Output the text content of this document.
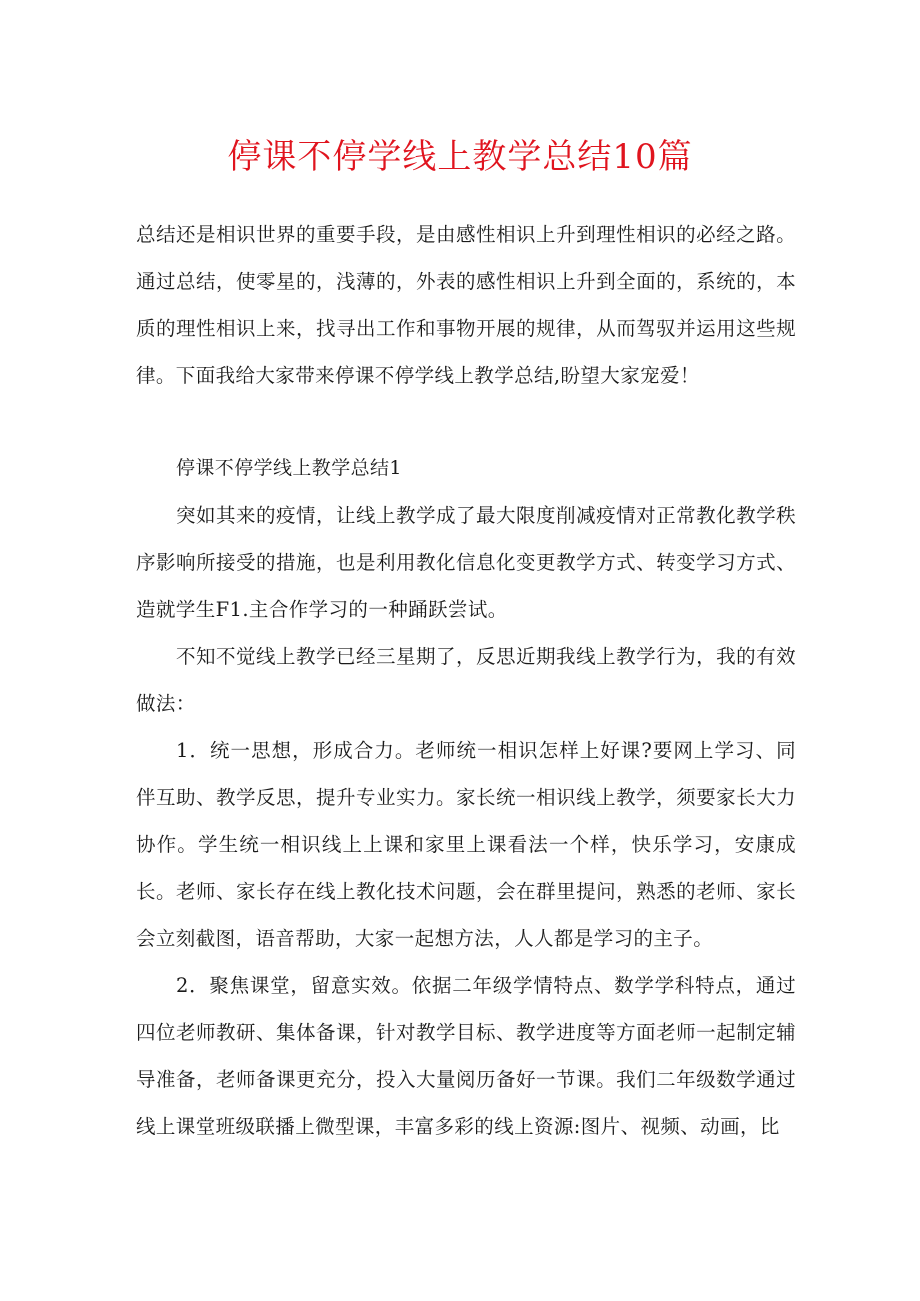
停课不停学线上教学总结10篇

总结还是相识世界的重要手段，是由感性相识上升到理性相识的必经之路。通过总结，使零星的，浅薄的，外表的感性相识上升到全面的，系统的，本质的理性相识上来，找寻出工作和事物开展的规律，从而驾驭并运用这些规律。下面我给大家带来停课不停学线上教学总结,盼望大家宠爱！

停课不停学线上教学总结1

突如其来的疫情，让线上教学成了最大限度削减疫情对正常教化教学秩序影响所接受的措施，也是利用教化信息化变更教学方式、转变学习方式、造就学生F1.主合作学习的一种踊跃尝试。

不知不觉线上教学已经三星期了，反思近期我线上教学行为，我的有效做法：

1．统一思想，形成合力。老师统一相识怎样上好课?要网上学习、同伴互助、教学反思，提升专业实力。家长统一相识线上教学，须要家长大力协作。学生统一相识线上上课和家里上课看法一个样，快乐学习，安康成长。老师、家长存在线上教化技术问题，会在群里提问，熟悉的老师、家长会立刻截图，语音帮助，大家一起想方法，人人都是学习的主子。

2．聚焦课堂，留意实效。依据二年级学情特点、数学学科特点，通过四位老师教研、集体备课，针对教学目标、教学进度等方面老师一起制定辅导准备，老师备课更充分，投入大量阅历备好一节课。我们二年级数学通过线上课堂班级联播上微型课，丰富多彩的线上资源:图片、视频、动画，比
